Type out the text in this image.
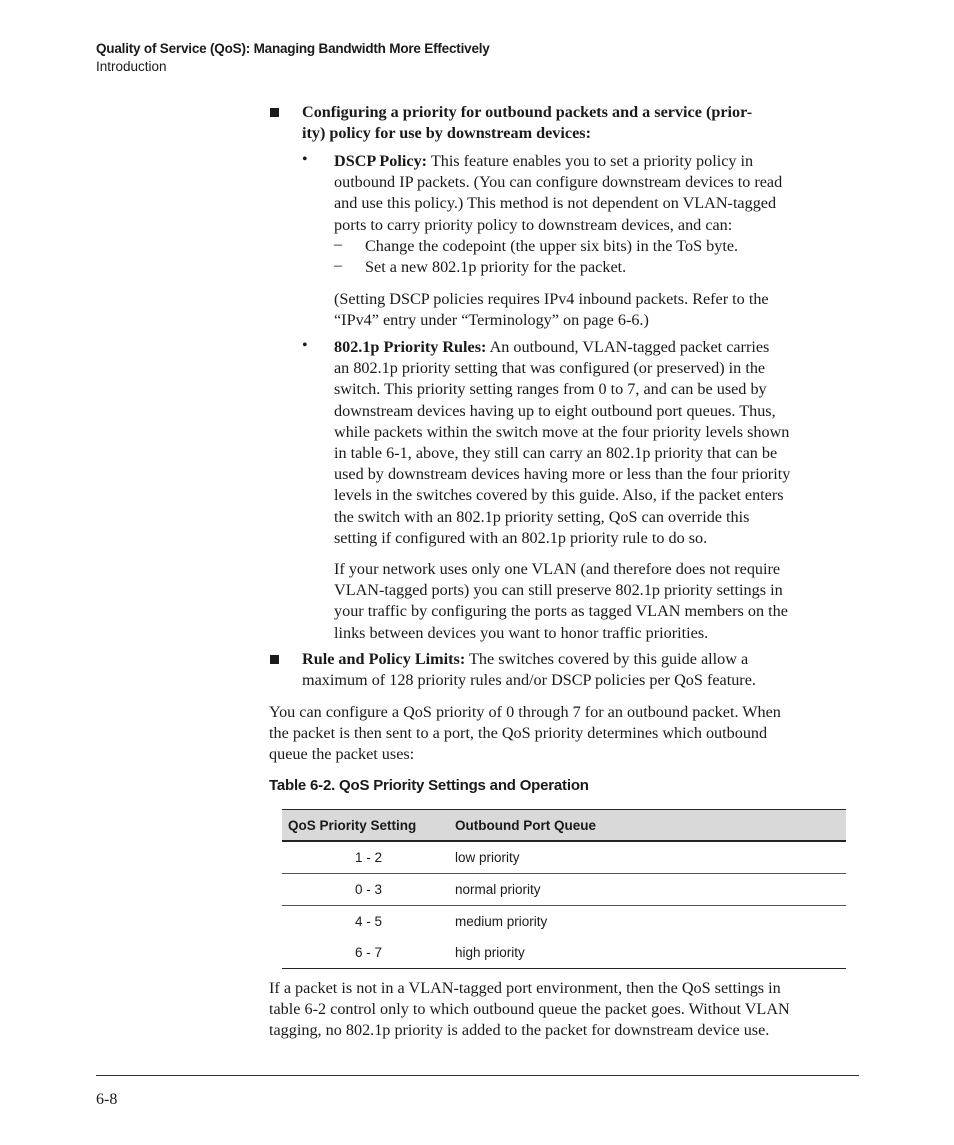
Quality of Service (QoS): Managing Bandwidth More Effectively
Introduction
Configuring a priority for outbound packets and a service (prior-
ity) policy for use by downstream devices:
• DSCP Policy: This feature enables you to set a priority policy in
outbound IP packets. (You can configure downstream devices to read
and use this policy.) This method is not dependent on VLAN-tagged
ports to carry priority policy to downstream devices, and can:
– Change the codepoint (the upper six bits) in the ToS byte.
– Set a new 802.1p priority for the packet.
(Setting DSCP policies requires IPv4 inbound packets. Refer to the
“IPv4” entry under “Terminology” on page 6-6.)
• 802.1p Priority Rules: An outbound, VLAN-tagged packet carries
an 802.1p priority setting that was configured (or preserved) in the
switch. This priority setting ranges from 0 to 7, and can be used by
downstream devices having up to eight outbound port queues. Thus,
while packets within the switch move at the four priority levels shown
in table 6-1, above, they still can carry an 802.1p priority that can be
used by downstream devices having more or less than the four priority
levels in the switches covered by this guide. Also, if the packet enters
the switch with an 802.1p priority setting, QoS can override this
setting if configured with an 802.1p priority rule to do so.
If your network uses only one VLAN (and therefore does not require
VLAN-tagged ports) you can still preserve 802.1p priority settings in
your traffic by configuring the ports as tagged VLAN members on the
links between devices you want to honor traffic priorities.
Rule and Policy Limits: The switches covered by this guide allow a
maximum of 128 priority rules and/or DSCP policies per QoS feature.
You can configure a QoS priority of 0 through 7 for an outbound packet. When
the packet is then sent to a port, the QoS priority determines which outbound
queue the packet uses:
Table 6-2. QoS Priority Settings and Operation
QoS Priority Setting	Outbound Port Queue
1 - 2	low priority
0 - 3	normal priority
4 - 5	medium priority
6 - 7	high priority
If a packet is not in a VLAN-tagged port environment, then the QoS settings in
table 6-2 control only to which outbound queue the packet goes. Without VLAN
tagging, no 802.1p priority is added to the packet for downstream device use.
6-8
